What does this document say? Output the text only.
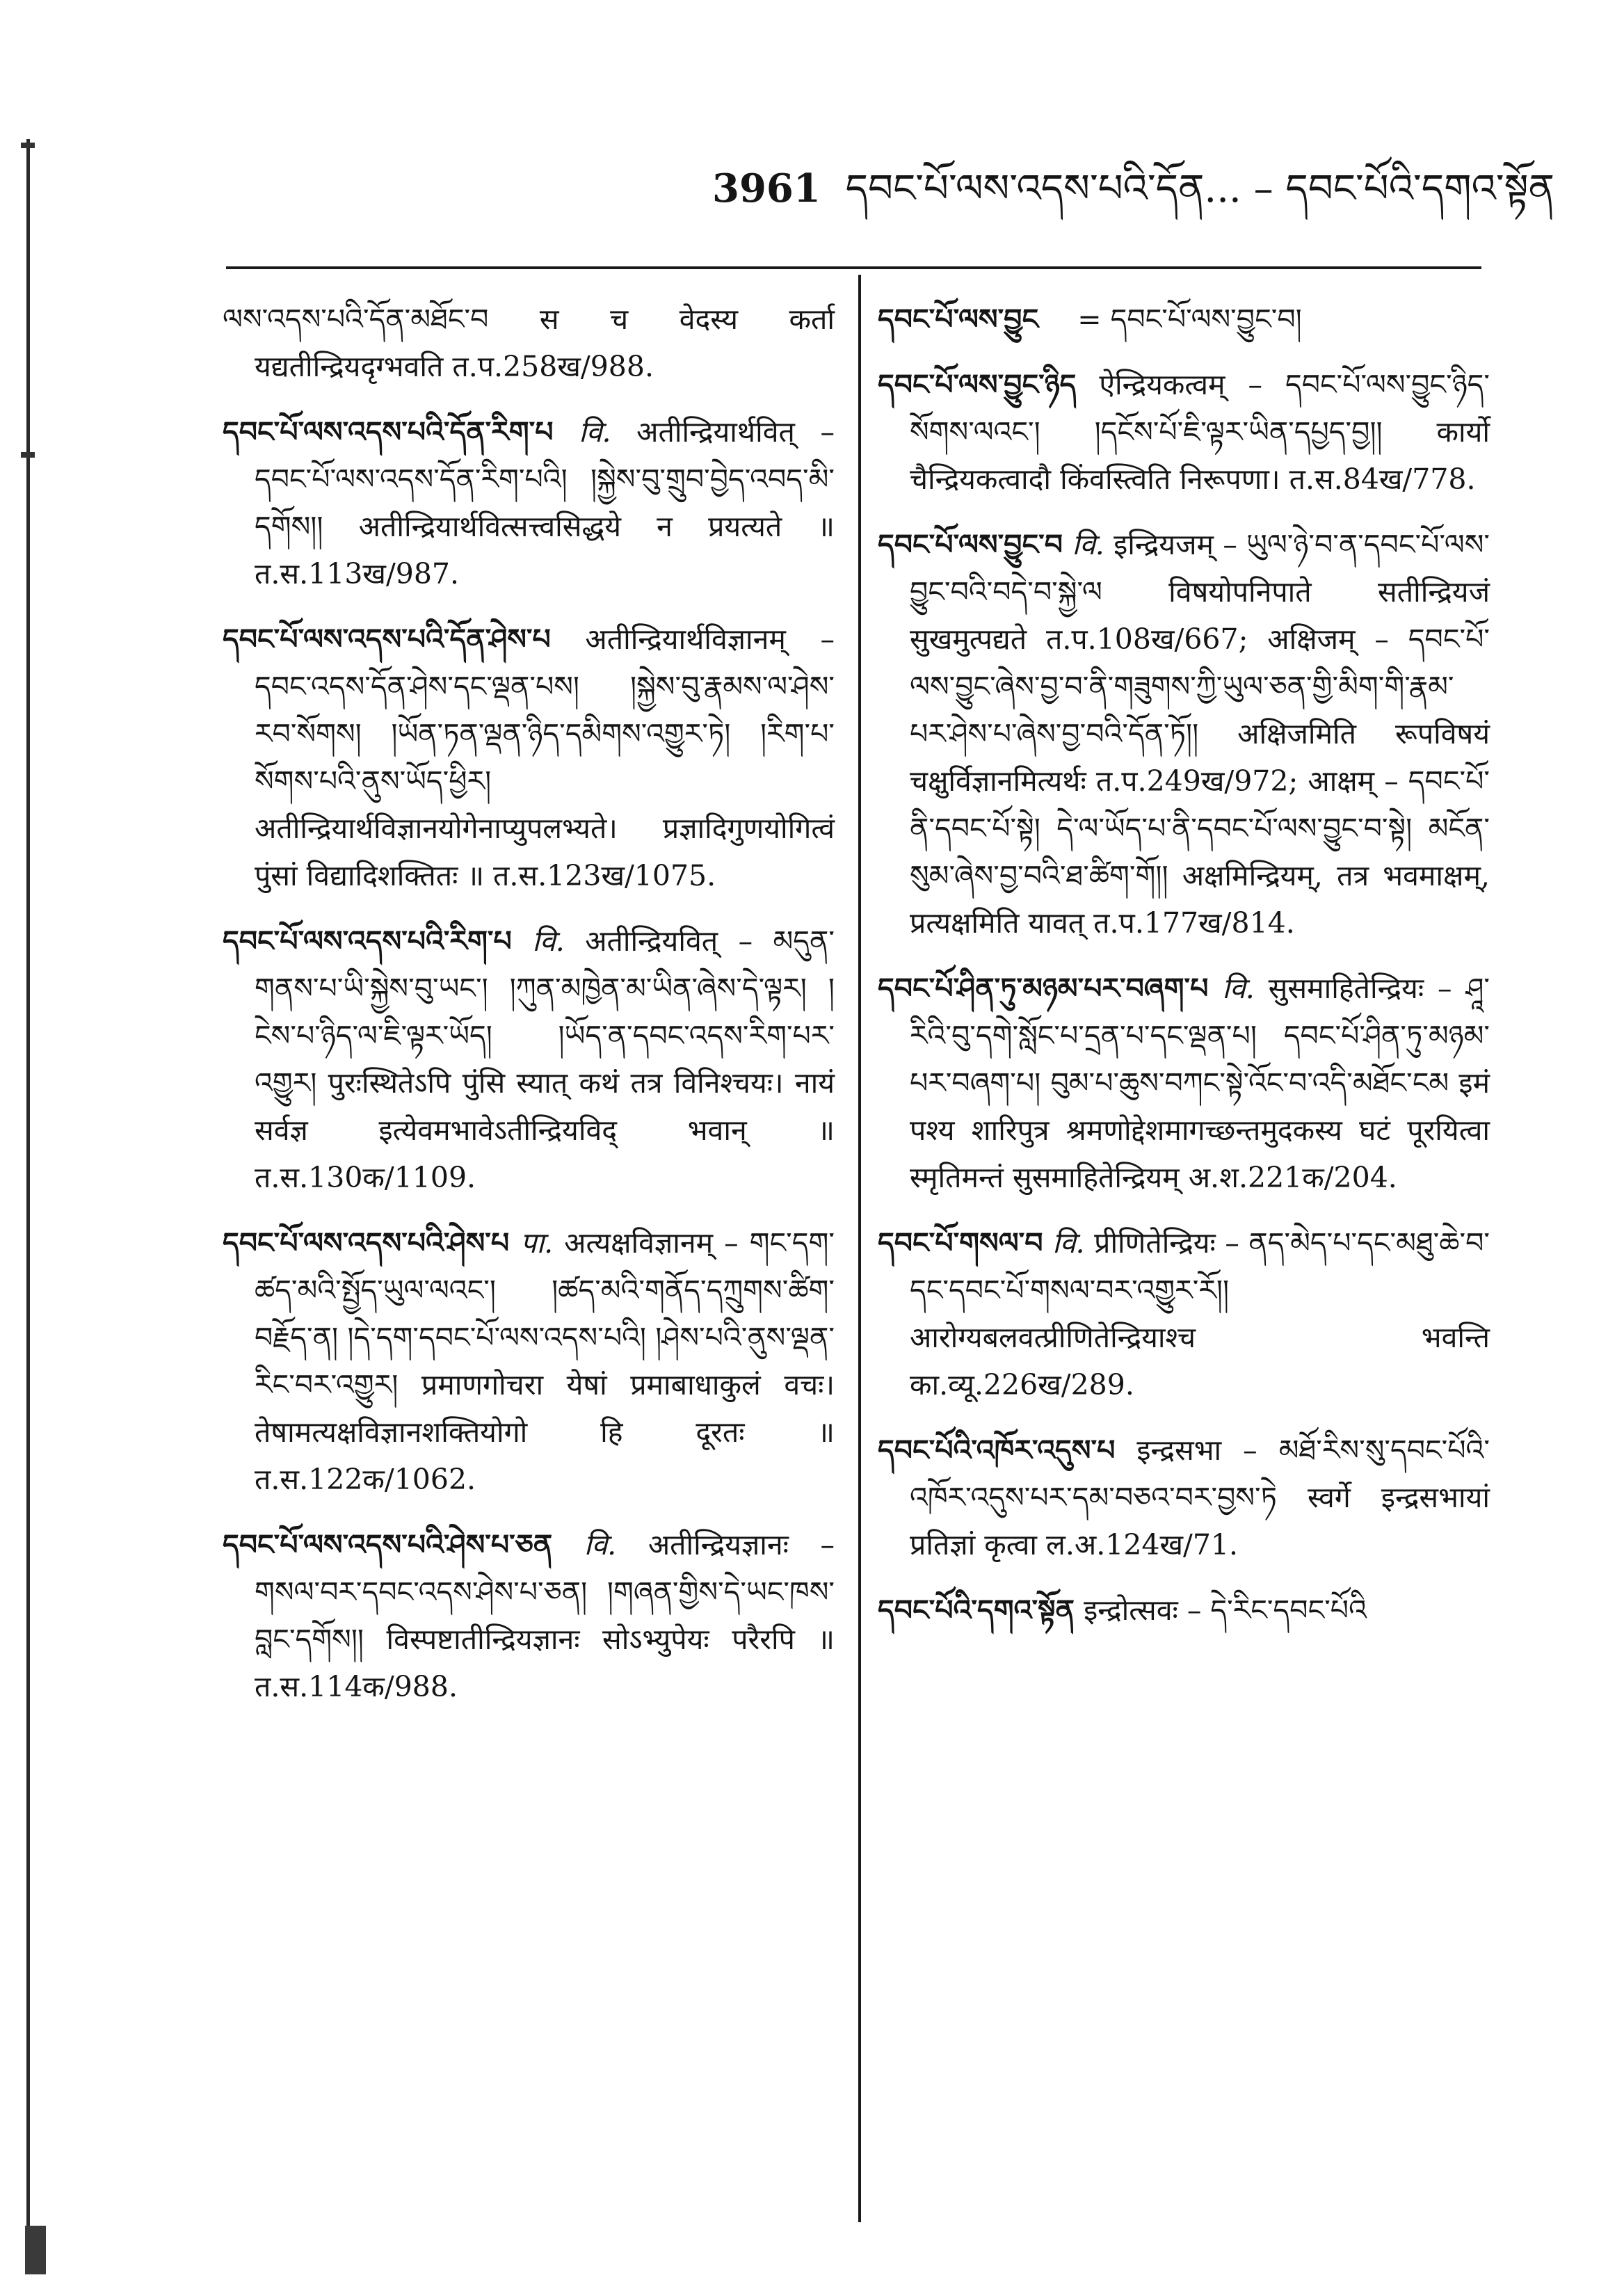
3961 དབང་པོ་ལས་འདས་པའི་དོན... – དབང་པོའི་དགའ་སྟོན
ལས་འདས་པའི་དོན་མཐོང་བ स च वेदस्य कर्ता यद्यतीन्द्रियदृग्भवति त.प.258ख/988.
དབང་པོ་ལས་འདས་པའི་དོན་རིག་པ वि. अतीन्द्रियार्थवित् – དབང་པོ་ལས་འདས་དོན་རིག་པའི། །སྐྱེས་བུ་གྲུབ་བྱེད་འབད་མི་དགོས།། अतीन्द्रियार्थवित्सत्त्वसिद्धये न प्रयत्यते ॥ त.स.113ख/987.
དབང་པོ་ལས་འདས་པའི་དོན་ཤེས་པ अतीन्द्रियार्थविज्ञानम् – དབང་འདས་དོན་ཤེས་དང་ལྡན་པས། །སྐྱེས་བུ་རྣམས་ལ་ཤེས་རབ་སོགས། །ཡོན་ཏན་ལྡན་ཉིད་དམིགས་འགྱུར་ཏེ། །རིག་པ་སོགས་པའི་ནུས་ཡོད་ཕྱིར། अतीन्द्रियार्थविज्ञानयोगेनाप्युपलभ्यते। प्रज्ञादिगुणयोगित्वं पुंसां विद्यादिशक्तितः ॥ त.स.123ख/1075.
དབང་པོ་ལས་འདས་པའི་རིག་པ वि. अतीन्द्रियवित् – མདུན་གནས་པ་ཡི་སྐྱེས་བུ་ཡང་། །ཀུན་མཁྱེན་མ་ཡིན་ཞེས་དེ་ལྟར། །ངེས་པ་ཉིད་ལ་ཇི་ལྟར་ཡོད། །ཡོད་ན་དབང་འདས་རིག་པར་འགྱུར། पुरःस्थितेऽपि पुंसि स्यात् कथं तत्र विनिश्चयः। नायं सर्वज्ञ इत्येवमभावेऽतीन्द्रियविद् भवान् ॥ त.स.130क/1109.
དབང་པོ་ལས་འདས་པའི་ཤེས་པ पा. अत्यक्षविज्ञानम् – གང་དག་ཚད་མའི་སྤྱོད་ཡུལ་ལའང་། །ཚད་མའི་གནོད་དཀྲུགས་ཚིག་བརྗོད་ན། །དེ་དག་དབང་པོ་ལས་འདས་པའི། །ཤེས་པའི་ནུས་ལྡན་རིང་བར་འགྱུར། प्रमाणगोचरा येषां प्रमाबाधाकुलं वचः। तेषामत्यक्षविज्ञानशक्तियोगो हि दूरतः ॥ त.स.122क/1062.
དབང་པོ་ལས་འདས་པའི་ཤེས་པ་ཅན वि. अतीन्द्रियज्ञानः – གསལ་བར་དབང་འདས་ཤེས་པ་ཅན། །གཞན་གྱིས་དེ་ཡང་ཁས་བླང་དགོས།། विस्पष्टातीन्द्रियज्ञानः सोऽभ्युपेयः परैरपि ॥ त.स.114क/988.
དབང་པོ་ལས་བྱུང = དབང་པོ་ལས་བྱུང་བ།
དབང་པོ་ལས་བྱུང་ཉིད ऐन्द्रियकत्वम् – དབང་པོ་ལས་བྱུང་ཉིད་སོགས་ལའང་། །དངོས་པོ་ཇི་ལྟར་ཡིན་དཔྱད་བྱ།། कार्यो चैन्द्रियकत्वादौ किंवस्त्विति निरूपणा। त.स.84ख/778.
དབང་པོ་ལས་བྱུང་བ वि. इन्द्रियजम् – ཡུལ་ཉེ་བ་ན་དབང་པོ་ལས་བྱུང་བའི་བདེ་བ་སྐྱེ་ལ विषयोपनिपाते सतीन्द्रियजं सुखमुत्पद्यते त.प.108ख/667; अक्षिजम् – དབང་པོ་ལས་བྱུང་ཞེས་བྱ་བ་ནི་གཟུགས་ཀྱི་ཡུལ་ཅན་གྱི་མིག་གི་རྣམ་པར་ཤེས་པ་ཞེས་བྱ་བའི་དོན་ཏོ།། अक्षिजमिति रूपविषयं चक्षुर्विज्ञानमित्यर्थः त.प.249ख/972; आक्षम् – དབང་པོ་ནི་དབང་པོ་སྟེ། དེ་ལ་ཡོད་པ་ནི་དབང་པོ་ལས་བྱུང་བ་སྟེ། མངོན་སུམ་ཞེས་བྱ་བའི་ཐ་ཚིག་གོ།། अक्षमिन्द्रियम्, तत्र भवमाक्षम्, प्रत्यक्षमिति यावत् त.प.177ख/814.
དབང་པོ་ཤིན་ཏུ་མཉམ་པར་བཞག་པ वि. सुसमाहितेन्द्रियः – ཤཱ་རིའི་བུ་དགེ་སློང་པ་དྲན་པ་དང་ལྡན་པ། དབང་པོ་ཤིན་ཏུ་མཉམ་པར་བཞག་པ། བུམ་པ་ཆུས་བཀང་སྟེ་འོང་བ་འདི་མཐོང་ངམ इमं पश्य शारिपुत्र श्रमणोद्देशमागच्छन्तमुदकस्य घटं पूरयित्वा स्मृतिमन्तं सुसमाहितेन्द्रियम् अ.श.221क/204.
དབང་པོ་གསལ་བ वि. प्रीणितेन्द्रियः – ནད་མེད་པ་དང་མཐུ་ཆེ་བ་དང་དབང་པོ་གསལ་བར་འགྱུར་རོ།། आरोग्यबलवत्प्रीणितेन्द्रियाश्च भवन्ति का.व्यू.226ख/289.
དབང་པོའི་འཁོར་འདུས་པ इन्द्रसभा – མཐོ་རིས་སུ་དབང་པོའི་འཁོར་འདུས་པར་དམ་བཅའ་བར་བྱས་ཏེ स्वर्गे इन्द्रसभायां प्रतिज्ञां कृत्वा ल.अ.124ख/71.
དབང་པོའི་དགའ་སྟོན इन्द्रोत्सवः – དེ་རིང་དབང་པོའི
